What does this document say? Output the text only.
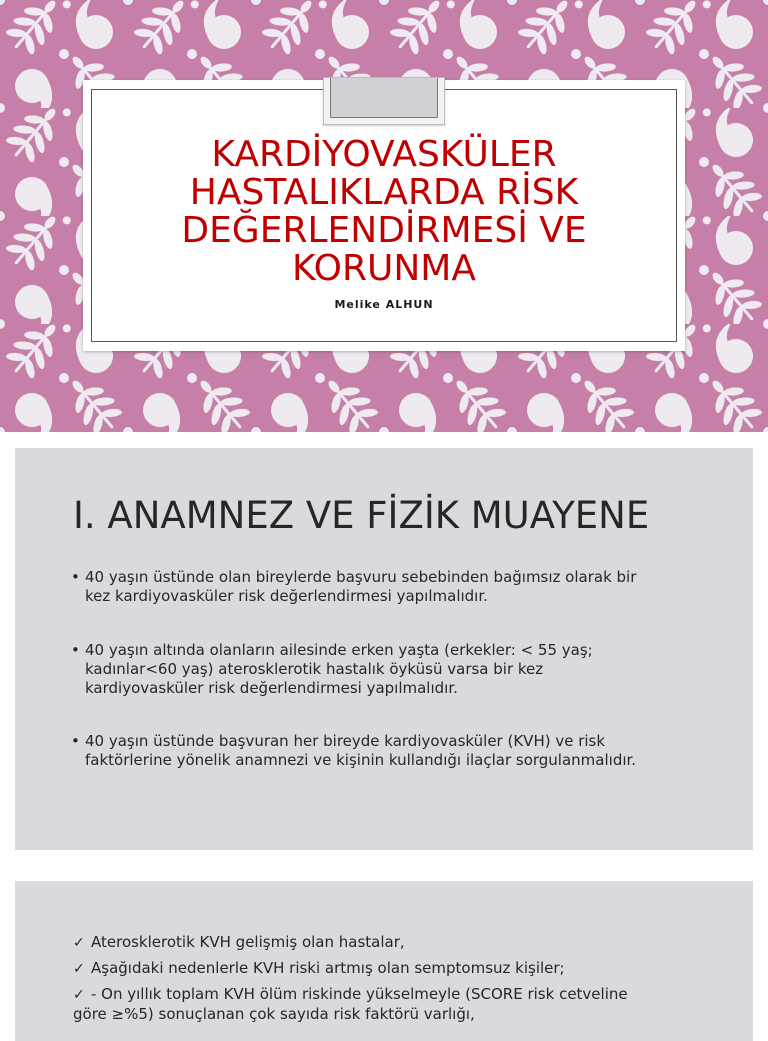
KARDİYOVASKÜLER
HASTALIKLARDA RİSK
DEĞERLENDİRMESİ VE
KORUNMA
Melike ALHUN
I. ANAMNEZ VE FİZİK MUAYENE
• 40 yaşın üstünde olan bireylerde başvuru sebebinden bağımsız olarak bir
kez kardiyovasküler risk değerlendirmesi yapılmalıdır.
• 40 yaşın altında olanların ailesinde erken yaşta (erkekler: < 55 yaş;
kadınlar<60 yaş) aterosklerotik hastalık öyküsü varsa bir kez
kardiyovasküler risk değerlendirmesi yapılmalıdır.
• 40 yaşın üstünde başvuran her bireyde kardiyovasküler (KVH) ve risk
faktörlerine yönelik anamnezi ve kişinin kullandığı ilaçlar sorgulanmalıdır.
✓ Aterosklerotik KVH gelişmiş olan hastalar,
✓ Aşağıdaki nedenlerle KVH riski artmış olan semptomsuz kişiler;
✓ - On yıllık toplam KVH ölüm riskinde yükselmeyle (SCORE risk cetveline
göre ≥%5) sonuçlanan çok sayıda risk faktörü varlığı,
